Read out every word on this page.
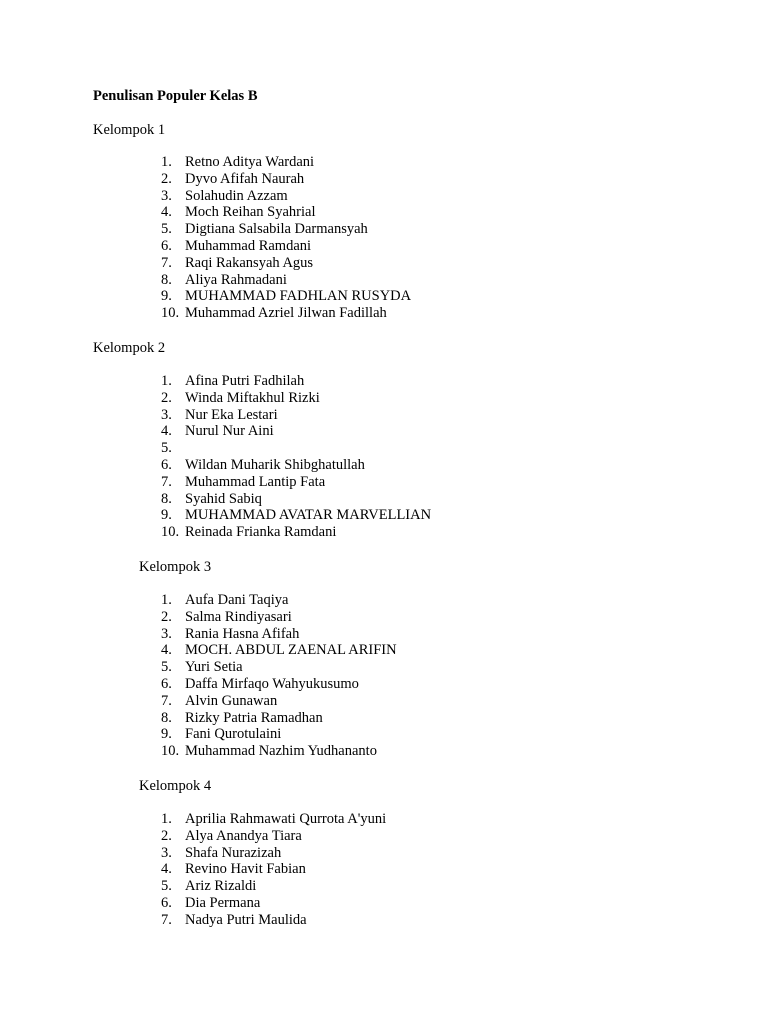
Penulisan Populer Kelas B
Kelompok 1
1. Retno Aditya Wardani
2. Dyvo Afifah Naurah
3. Solahudin Azzam
4. Moch Reihan Syahrial
5. Digtiana Salsabila Darmansyah
6. Muhammad Ramdani
7. Raqi Rakansyah Agus
8. Aliya Rahmadani
9. MUHAMMAD FADHLAN RUSYDA
10. Muhammad Azriel Jilwan Fadillah
Kelompok 2
1. Afina Putri Fadhilah
2. Winda Miftakhul Rizki
3. Nur Eka Lestari
4. Nurul Nur Aini
5.
6. Wildan Muharik Shibghatullah
7. Muhammad Lantip Fata
8. Syahid Sabiq
9. MUHAMMAD AVATAR MARVELLIAN
10. Reinada Frianka Ramdani
Kelompok 3
1. Aufa Dani Taqiya
2. Salma Rindiyasari
3. Rania Hasna Afifah
4. MOCH. ABDUL ZAENAL ARIFIN
5. Yuri Setia
6. Daffa Mirfaqo Wahyukusumo
7. Alvin Gunawan
8. Rizky Patria Ramadhan
9. Fani Qurotulaini
10. Muhammad Nazhim Yudhananto
Kelompok 4
1. Aprilia Rahmawati Qurrota A'yuni
2. Alya Anandya Tiara
3. Shafa Nurazizah
4. Revino Havit Fabian
5. Ariz Rizaldi
6. Dia Permana
7. Nadya Putri Maulida
